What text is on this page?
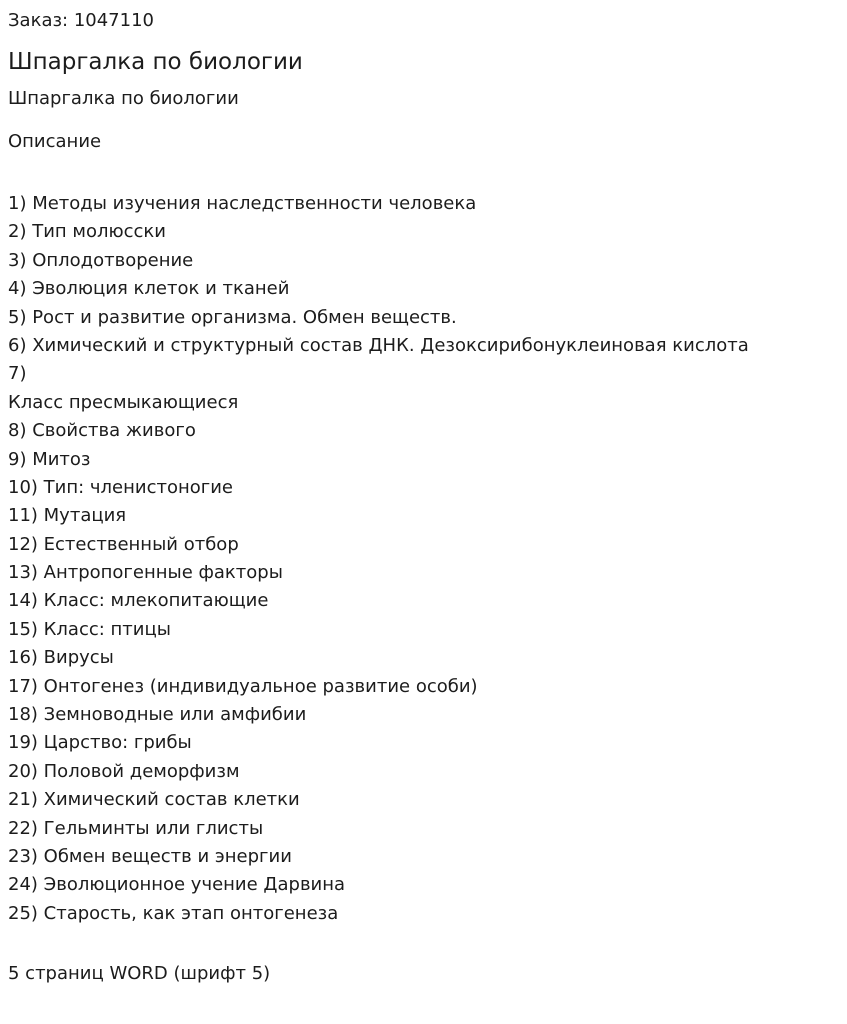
Заказ: 1047110
Шпаргалка по биологии
Шпаргалка по биологии
Описание
1) Методы изучения наследственности человека
2) Тип молюсски
3) Оплодотворение
4) Эволюция клеток и тканей
5) Рост и развитие организма. Обмен веществ.
6) Химический и структурный состав ДНК. Дезоксирибонуклеиновая кислота
7)
Класс пресмыкающиеся
8) Свойства живого
9) Митоз
10) Тип: членистоногие
11) Мутация
12) Естественный отбор
13) Антропогенные факторы
14) Класс: млекопитающие
15) Класс: птицы
16) Вирусы
17) Онтогенез (индивидуальное развитие особи)
18) Земноводные или амфибии
19) Царство: грибы
20) Половой деморфизм
21) Химический состав клетки
22) Гельминты или глисты
23) Обмен веществ и энергии
24) Эволюционное учение Дарвина
25) Старость, как этап онтогенеза
5 страниц WORD (шрифт 5)
